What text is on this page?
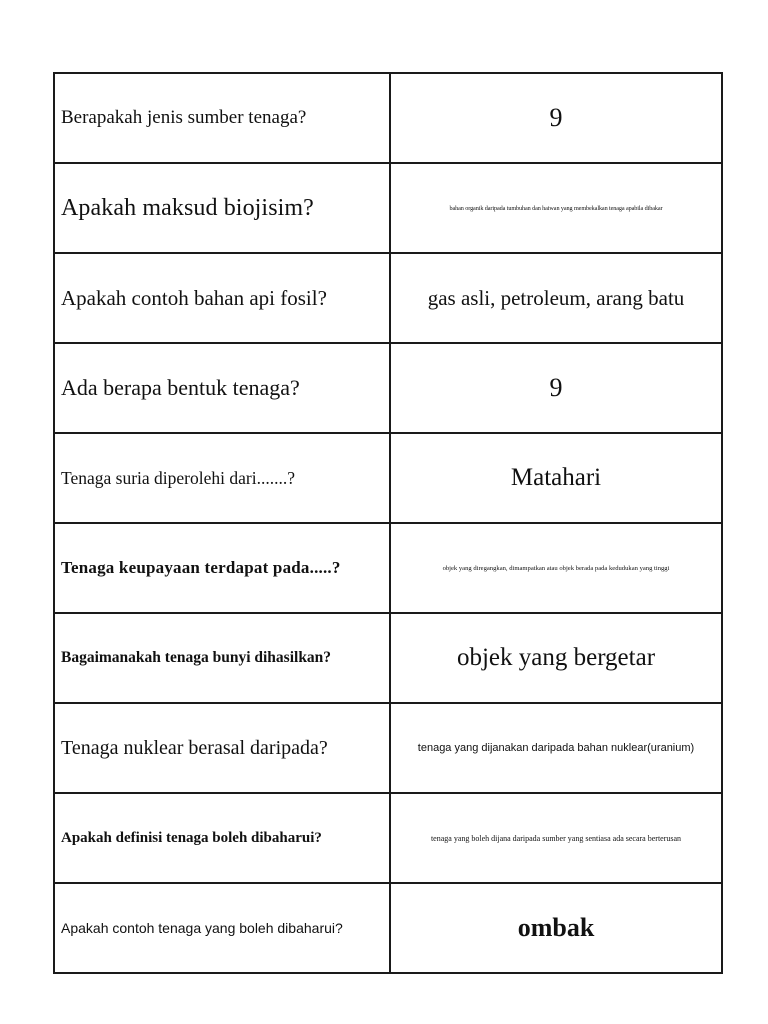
Berapakah jenis sumber tenaga?	9
Apakah maksud biojisim?	bahan organik daripada tumbuhan dan haiwan yang membekalkan tenaga apabila dibakar
Apakah contoh bahan api fosil?	gas asli, petroleum, arang batu
Ada berapa bentuk tenaga?	9
Tenaga suria diperolehi dari.......?	Matahari
Tenaga keupayaan terdapat pada.....?	objek yang diregangkan, dimampatkan atau objek berada pada kedudukan yang tinggi
Bagaimanakah tenaga bunyi dihasilkan?	objek yang bergetar
Tenaga nuklear berasal daripada?	tenaga yang dijanakan daripada bahan nuklear(uranium)
Apakah definisi tenaga boleh dibaharui?	tenaga yang boleh dijana daripada sumber yang sentiasa ada secara berterusan
Apakah contoh tenaga yang boleh dibaharui?	ombak
